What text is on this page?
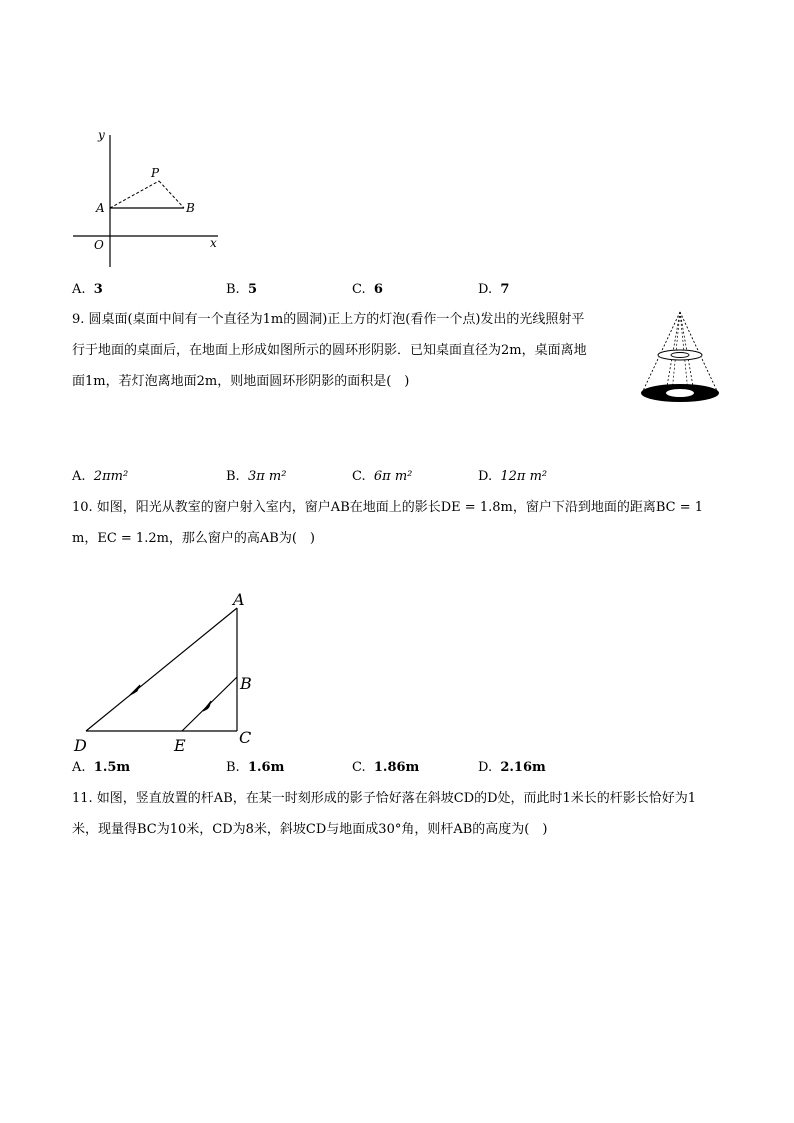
y
x
O
A	B
P
A. 3	B. 5	C. 6	D. 7
9. 圆桌面(桌面中间有一个直径为1m的圆洞)正上方的灯泡(看作一个点)发出的光线照射平
行于地面的桌面后，在地面上形成如图所示的圆环形阴影．已知桌面直径为2m，桌面离地
面1m，若灯泡离地面2m，则地面圆环形阴影的面积是(　)
A. 2πm²	B. 3π m²	C. 6π m²	D. 12π m²
10. 如图，阳光从教室的窗户射入室内，窗户AB在地面上的影长DE = 1.8m，窗户下沿到地面的距离BC = 1
m，EC = 1.2m，那么窗户的高AB为(　)
A
B
C
D	E
A. 1.5m	B. 1.6m	C. 1.86m	D. 2.16m
11. 如图，竖直放置的杆AB，在某一时刻形成的影子恰好落在斜坡CD的D处，而此时1米长的杆影长恰好为1
米，现量得BC为10米，CD为8米，斜坡CD与地面成30°角，则杆AB的高度为(　)
